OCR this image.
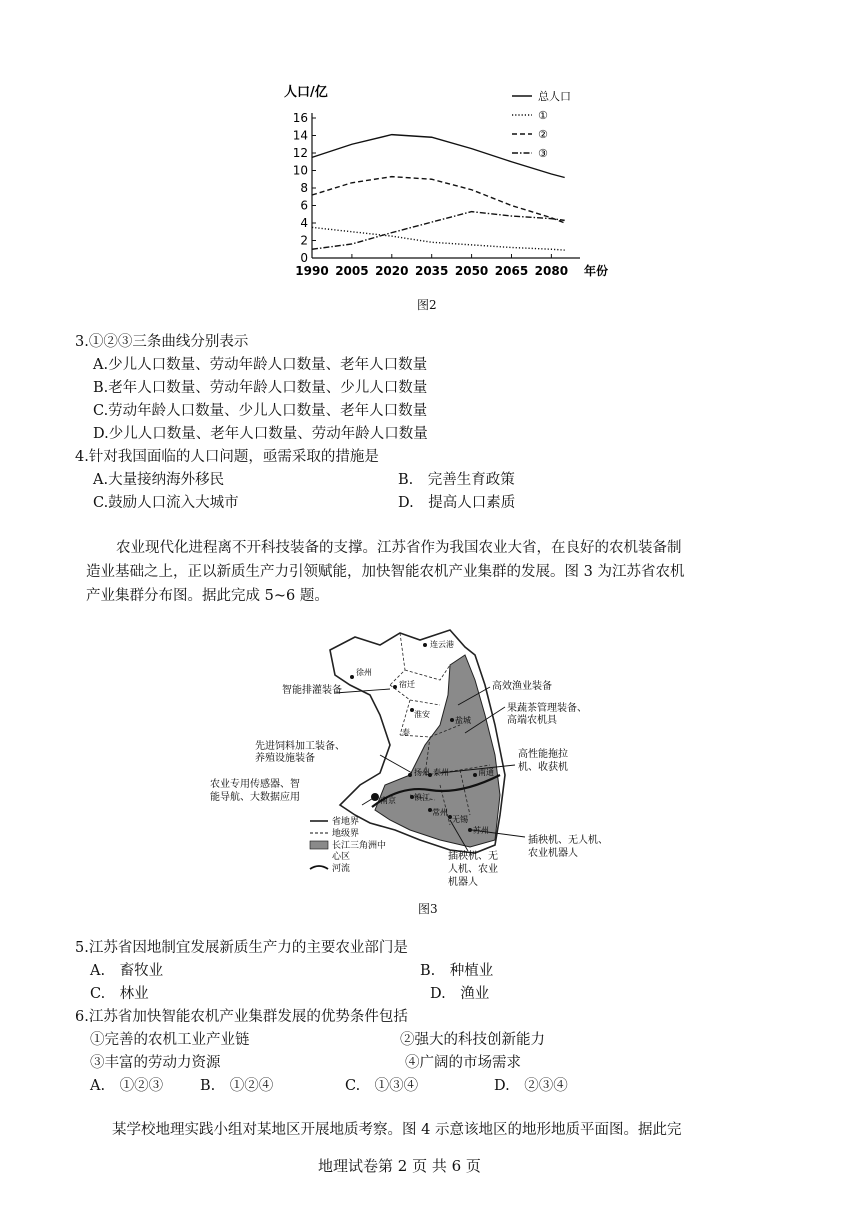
总人口
①
②
③
0
2
4
6
8
10
12
14
16
1990 2005 2020 2035 2050 2065 2080
人口/亿
年份
图2
3.①②③三条曲线分别表示
A.少儿人口数量、劳动年龄人口数量、老年人口数量
B.老年人口数量、劳动年龄人口数量、少儿人口数量
C.劳动年龄人口数量、少儿人口数量、老年人口数量
D.少儿人口数量、老年人口数量、劳动年龄人口数量
4.针对我国面临的人口问题，亟需采取的措施是
A.大量接纳海外移民	B.　完善生育政策
C.鼓励人口流入大城市	D.　提高人口素质
农业现代化进程离不开科技装备的支撑。江苏省作为我国农业大省，在良好的农机装备制
造业基础之上，正以新质生产力引领赋能，加快智能农机产业集群的发展。图 3 为江苏省农机
产业集群分布图。据此完成 5~6 题。
徐州
连云港
宿迁
淮安
盐城
泰
扬州 泰州	南通
南京 镇江
常州
无锡
苏州
智能排灌装备	高效渔业装备
果蔬茶管理装备、
高端农机具
先进饲料加工装备、
养殖设施装备	高性能拖拉
机、收获机
农业专用传感器、智
能导航、大数据应用
插秧机、无人机、
农业机器人
插秧机、无
人机、农业
机器人
省地界
地级界
长江三角洲中
心区
河流
图3
5.江苏省因地制宜发展新质生产力的主要农业部门是
A.　畜牧业	B.　种植业
C.　林业	D.　渔业
6.江苏省加快智能农机产业集群发展的优势条件包括
①完善的农机工业产业链	②强大的科技创新能力
③丰富的劳动力资源	④广阔的市场需求
A.　①②③	B.　①②④	C.　①③④	D.　②③④
某学校地理实践小组对某地区开展地质考察。图 4 示意该地区的地形地质平面图。据此完
地理试卷第 2 页 共 6 页
